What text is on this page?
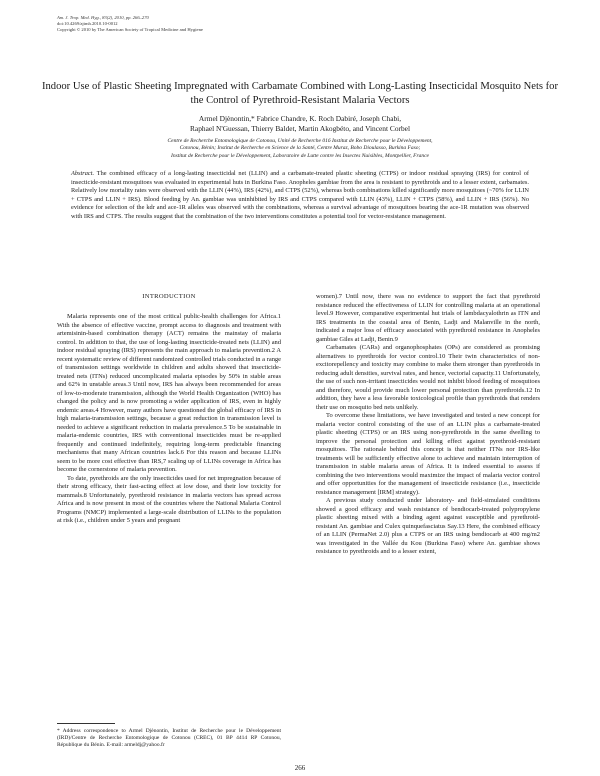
Am. J. Trop. Med. Hyg., 83(2), 2010, pp. 266–270
doi:10.4269/ajtmh.2010.10-0012
Copyright © 2010 by The American Society of Tropical Medicine and Hygiene
Indoor Use of Plastic Sheeting Impregnated with Carbamate Combined with Long-Lasting Insecticidal Mosquito Nets for the Control of Pyrethroid-Resistant Malaria Vectors
Armel Djènontin,* Fabrice Chandre, K. Roch Dabiré, Joseph Chabi,
Raphael N'Guessan, Thierry Baldet, Martin Akogbéto, and Vincent Corbel
Centre de Recherche Entomologique de Cotonou, Unité de Recherche 016 Institut de Recherche pour le Développement,
Cotonou, Bénin; Institut de Recherche en Science de la Santé, Centre Muraz, Bobo Dioulasso, Burkina Faso;
Institut de Recherche pour le Développement, Laboratoire de Lutte contre les Insectes Nuisibles, Montpellier, France
Abstract. The combined efficacy of a long-lasting insecticidal net (LLIN) and a carbamate-treated plastic sheeting (CTPS) or indoor residual spraying (IRS) for control of insecticide-resistant mosquitoes was evaluated in experimental huts in Burkina Faso. Anopheles gambiae from the area is resistant to pyrethroids and to a lesser extent, carbamates. Relatively low mortality rates were observed with the LLIN (44%), IRS (42%), and CTPS (52%), whereas both combinations killed significantly more mosquitoes (~70% for LLIN + CTPS and LLIN + IRS). Blood feeding by An. gambiae was uninhibited by IRS and CTPS compared with LLIN (43%), LLIN + CTPS (58%), and LLIN + IRS (56%). No evidence for selection of the kdr and ace-1R alleles was observed with the combinations, whereas a survival advantage of mosquitoes bearing the ace-1R mutation was observed with IRS and CTPS. The results suggest that the combination of the two interventions constitutes a potential tool for vector-resistance management.
INTRODUCTION

Malaria represents one of the most critical public-health challenges for Africa.1 With the absence of effective vaccine, prompt access to diagnosis and treatment with artemisinin-based combination therapy (ACT) remains the mainstay of malaria control. In addition to that, the use of long-lasting insecticide-treated nets (LLIN) and indoor residual spraying (IRS) represents the main approach to malaria prevention.2 A recent systematic review of different randomized controlled trials conducted in a range of transmission settings worldwide in children and adults showed that insecticide-treated nets (ITNs) reduced uncomplicated malaria episodes by 50% in stable areas and 62% in unstable areas.3 Until now, IRS has always been recommended for areas of low-to-moderate transmission, although the World Health Organization (WHO) has changed the policy and is now promoting a wider application of IRS, even in highly endemic areas.4 However, many authors have questioned the global efficacy of IRS in high malaria-transmission settings, because a great reduction in transmission level is needed to achieve a significant reduction in malaria prevalence.5 To be sustainable in malaria-endemic countries, IRS with conventional insecticides must be re-applied frequently and continued indefinitely, requiring long-term predictable financing mechanisms that many African countries lack.6 For this reason and because LLINs seem to be more cost effective than IRS,7 scaling up of LLINs coverage in Africa has become the cornerstone of malaria prevention.

To date, pyrethroids are the only insecticides used for net impregnation because of their strong efficacy, their fast-acting effect at low dose, and their low toxicity for mammals.8 Unfortunately, pyrethroid resistance in malaria vectors has spread across Africa and is now present in most of the countries where the National Malaria Control Programs (NMCP) implemented a large-scale distribution of LLINs to the population at risk (i.e., children under 5 years and pregnant

women).7 Until now, there was no evidence to support the fact that pyrethroid resistance reduced the effectiveness of LLIN for controlling malaria at an operational level.9 However, comparative experimental hut trials of lambdacyalothrin as ITN and IRS treatments in the coastal area of Benin, Ladji and Malanville in the north, indicated a major loss of efficacy associated with pyrethroid resistance in Anopheles gambiae Giles at Ladji, Benin.9

Carbamates (CARs) and organophosphates (OPs) are considered as promising alternatives to pyrethroids for vector control.10 Their twin characteristics of non-excitorepellency and toxicity may combine to make them stronger than pyrethroids in reducing adult densities, survival rates, and hence, vectorial capacity.11 Unfortunately, the use of such non-irritant insecticides would not inhibit blood feeding of mosquitoes and therefore, would provide much lower personal protection than pyrethroids.12 In addition, they have a less favorable toxicological profile than pyrethroids that renders their use on mosquito bed nets unlikely.

To overcome these limitations, we have investigated and tested a new concept for malaria vector control consisting of the use of an LLIN plus a carbamate-treated plastic sheeting (CTPS) or an IRS using non-pyrethroids in the same dwelling to improve the personal protection and killing effect against pyrethroid-resistant mosquitoes. The rationale behind this concept is that neither ITNs nor IRS-like treatments will be sufficiently effective alone to achieve and maintain interruption of transmission in stable malaria areas of Africa. It is indeed essential to assess if combining the two interventions would maximize the impact of malaria vector control and offer opportunities for the management of insecticide resistance (i.e., insecticide resistance management [IRM] strategy).

A previous study conducted under laboratory- and field-simulated conditions showed a good efficacy and wash resistance of bendiocarb-treated polypropylene plastic sheeting mixed with a binding agent against susceptible and pyrethroid-resistant An. gambiae and Culex quinquefasciatus Say.13 Here, the combined efficacy of an LLIN (PermaNet 2.0) plus a CTPS or an IRS using bendiocarb at 400 mg/m2 was investigated in the Vallée du Kou (Burkina Faso) where An. gambiae shows resistance to pyrethroids and to a lesser extent,

* Address correspondence to Armel Djènontin, Institut de Recherche pour le Développement (IRD)/Centre de Recherche Entomologique de Cotonou (CREC), 01 BP 4414 RP Cotonou, République du Bénin. E-mail: armeldj@yahoo.fr
266
